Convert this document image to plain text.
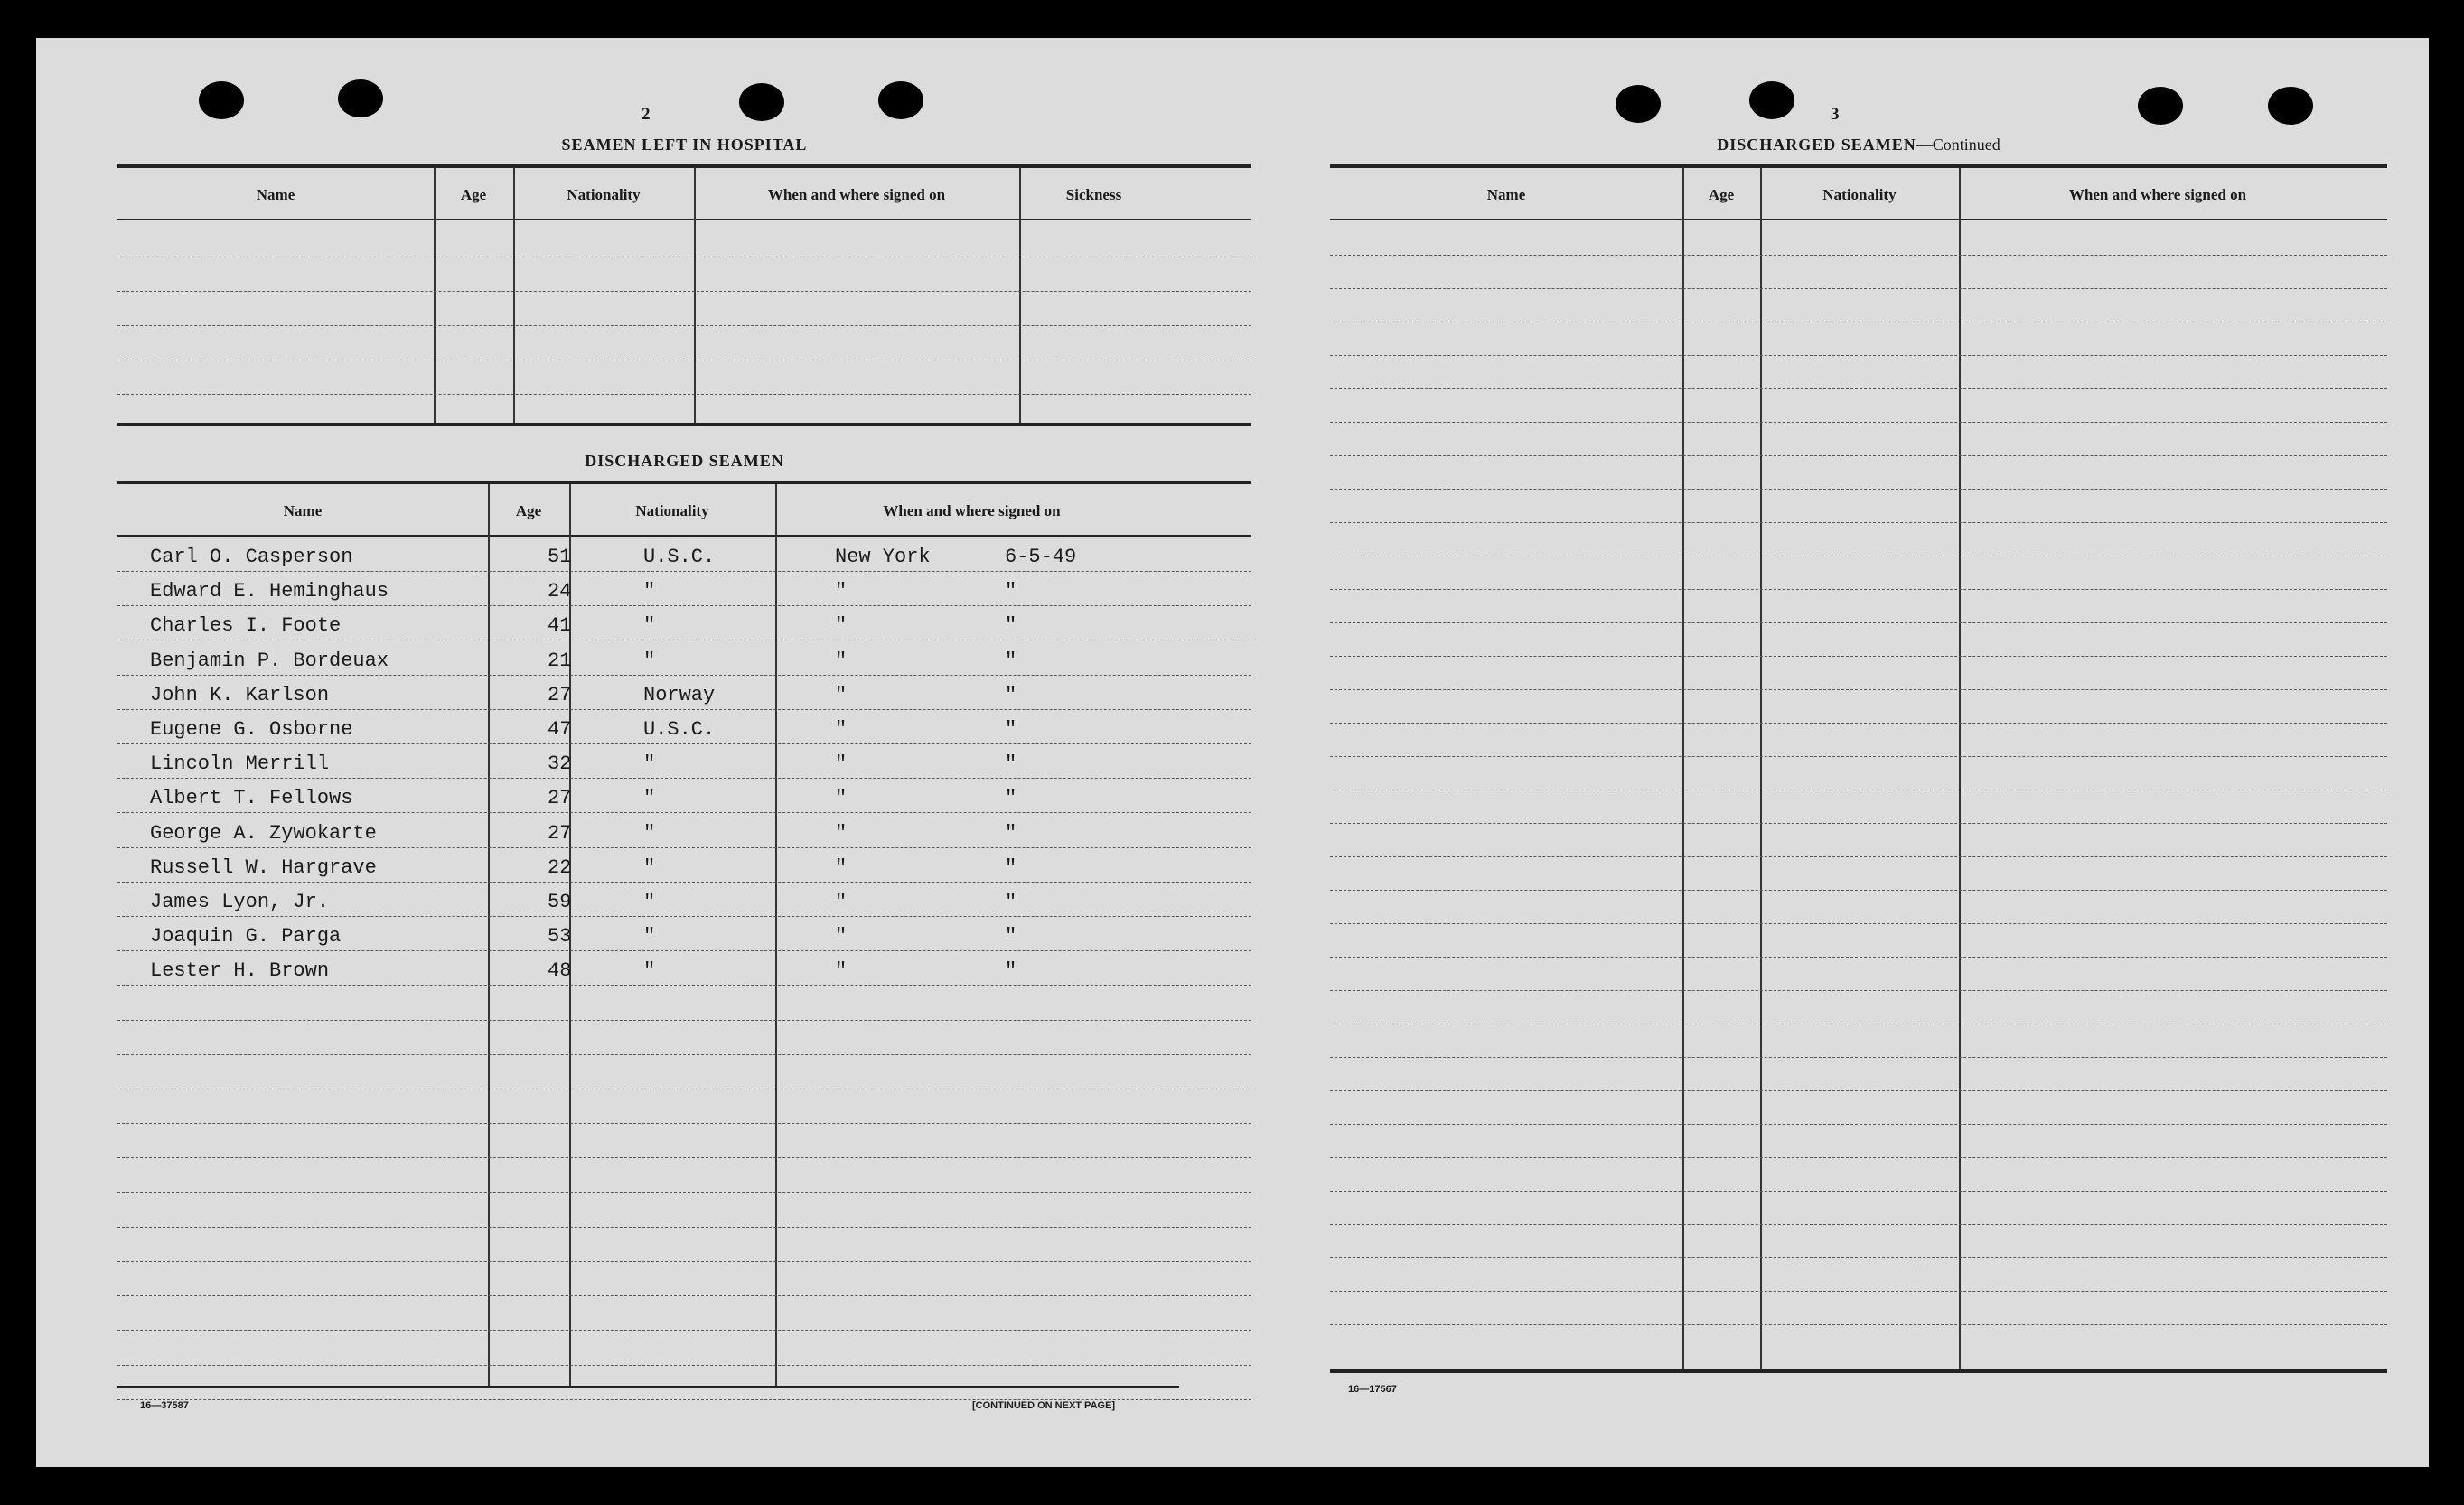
2
SEAMEN LEFT IN HOSPITAL
Name	Age	Nationality	When and where signed on	Sickness
DISCHARGED SEAMEN
Name	Age	Nationality	When and where signed on
Carl O. Casperson	51	U.S.C.	New York	6-5-49
Edward E. Heminghaus	24	"	"	"
Charles I. Foote	41	"	"	"
Benjamin P. Bordeuax	21	"	"	"
John K. Karlson	27	Norway	"	"
Eugene G. Osborne	47	U.S.C.	"	"
Lincoln Merrill	32	"	"	"
Albert T. Fellows	27	"	"	"
George A. Zywokarte	27	"	"	"
Russell W. Hargrave	22	"	"	"
James Lyon, Jr.	59	"	"	"
Joaquin G. Parga	53	"	"	"
Lester H. Brown	48	"	"	"
16—37587	[CONTINUED ON NEXT PAGE]
3
DISCHARGED SEAMEN—Continued
Name	Age	Nationality	When and where signed on
16—17567
